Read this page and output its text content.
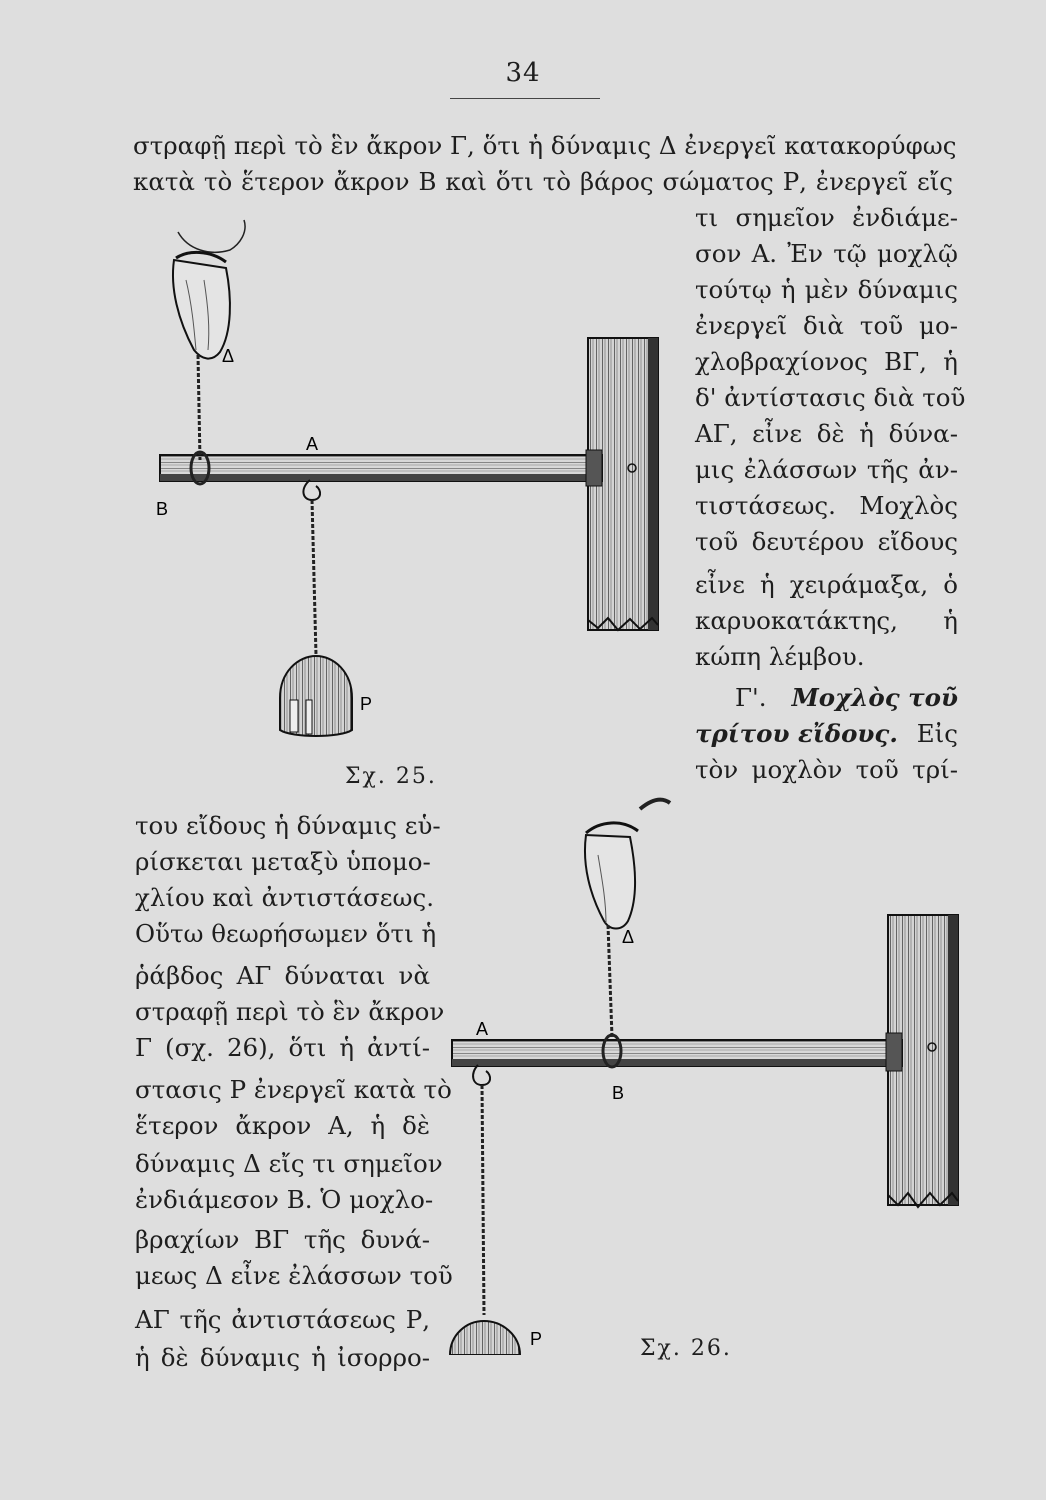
34
στραφῇ περὶ τὸ ἓν ἄκρον Γ, ὅτι ἡ δύναμις Δ ἐνεργεῖ κατακορύφως
κατὰ τὸ ἕτερον ἄκρον Β καὶ ὅτι τὸ βάρος σώματος Ρ, ἐνεργεῖ εἴς
τι σημεῖον ἐνδιάμε-
σον Α. Ἐν τῷ μοχλῷ
τούτῳ ἡ μὲν δύναμις
ἐνεργεῖ διὰ τοῦ μο-
χλοβραχίονος ΒΓ, ἡ
δ' ἀντίστασις διὰ τοῦ
ΑΓ, εἶνε δὲ ἡ δύνα-
μις ἐλάσσων τῆς ἀν-
τιστάσεως. Μοχλὸς
τοῦ δευτέρου εἴδους
εἶνε ἡ χειράμαξα, ὁ
καρυοκατάκτης, ἡ
κώπη λέμβου.
Γ'. Μοχλὸς τοῦ
τρίτου εἴδους. Εἰς
τὸν μοχλὸν τοῦ τρί-
του εἴδους ἡ δύναμις εὑ-
ρίσκεται μεταξὺ ὑπομο-
χλίου καὶ ἀντιστάσεως.
Οὕτω θεωρήσωμεν ὅτι ἡ
ῥάβδος ΑΓ δύναται νὰ
στραφῇ περὶ τὸ ἓν ἄκρον
Γ (σχ. 26), ὅτι ἡ ἀντί-
στασις Ρ ἐνεργεῖ κατὰ τὸ
ἕτερον ἄκρον Α, ἡ δὲ
δύναμις Δ εἴς τι σημεῖον
ἐνδιάμεσον Β. Ὁ μοχλο-
βραχίων ΒΓ τῆς δυνά-
μεως Δ εἶνε ἐλάσσων τοῦ
ΑΓ τῆς ἀντιστάσεως Ρ,
ἡ δὲ δύναμις ἡ ἰσορρο-
Δ
A
B
P
Σχ. 25.
Δ
A
B
P	Σχ. 26.
